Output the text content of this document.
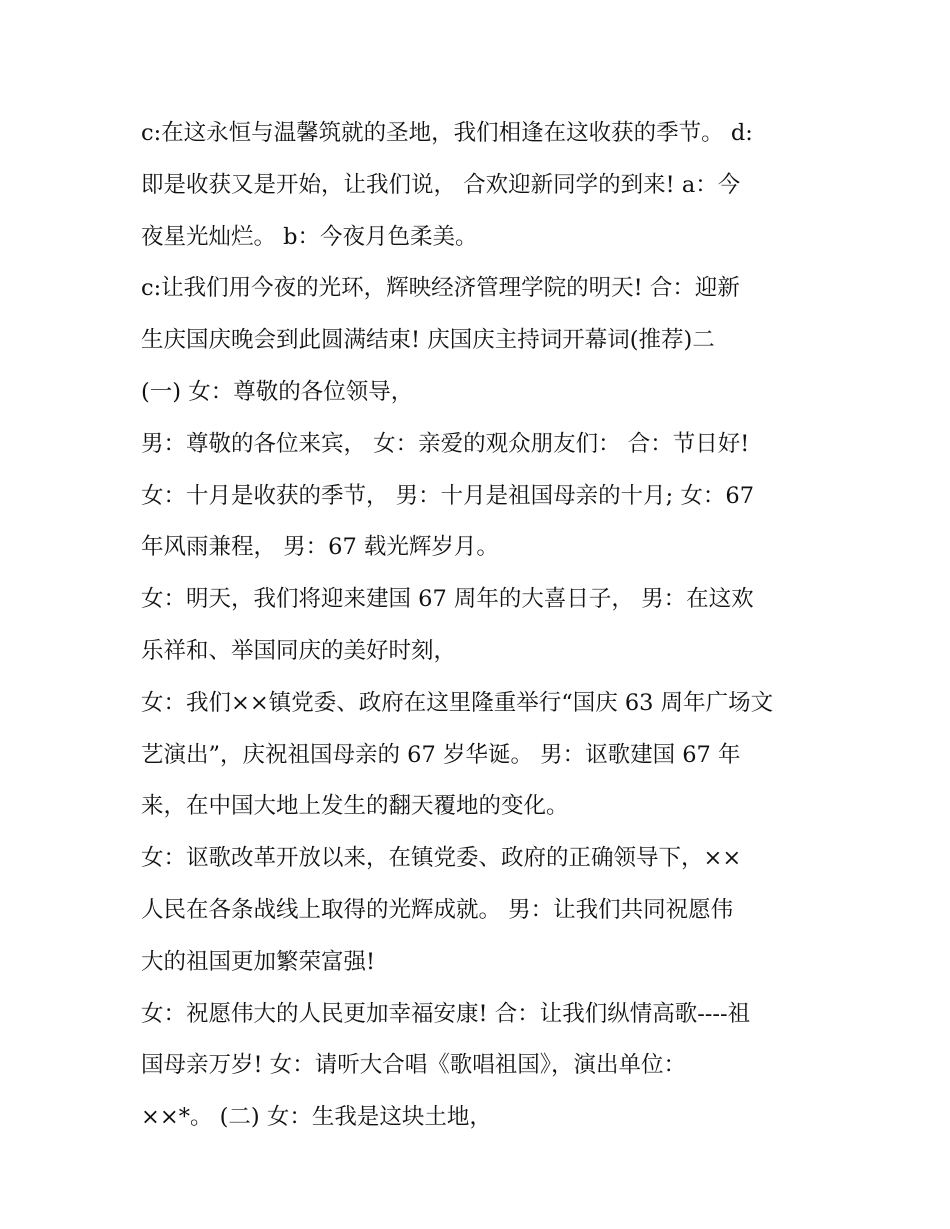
c:在这永恒与温馨筑就的圣地，我们相逢在这收获的季节。 d:
即是收获又是开始，让我们说， 合欢迎新同学的到来! a：今
夜星光灿烂。 b：今夜月色柔美。
c:让我们用今夜的光环，辉映经济管理学院的明天! 合：迎新
生庆国庆晚会到此圆满结束! 庆国庆主持词开幕词(推荐)二
(一) 女：尊敬的各位领导，
男：尊敬的各位来宾， 女：亲爱的观众朋友们： 合：节日好!
女：十月是收获的季节， 男：十月是祖国母亲的十月; 女：67
年风雨兼程， 男：67 载光辉岁月。
女：明天，我们将迎来建国 67 周年的大喜日子， 男：在这欢
乐祥和、举国同庆的美好时刻，
女：我们××镇党委、政府在这里隆重举行“国庆 63 周年广场文
艺演出”，庆祝祖国母亲的 67 岁华诞。 男：讴歌建国 67 年
来，在中国大地上发生的翻天覆地的变化。
女：讴歌改革开放以来，在镇党委、政府的正确领导下，××
人民在各条战线上取得的光辉成就。 男：让我们共同祝愿伟
大的祖国更加繁荣富强!
女：祝愿伟大的人民更加幸福安康! 合：让我们纵情高歌----祖
国母亲万岁! 女：请听大合唱《歌唱祖国》，演出单位：
××*。 (二) 女：生我是这块土地，
